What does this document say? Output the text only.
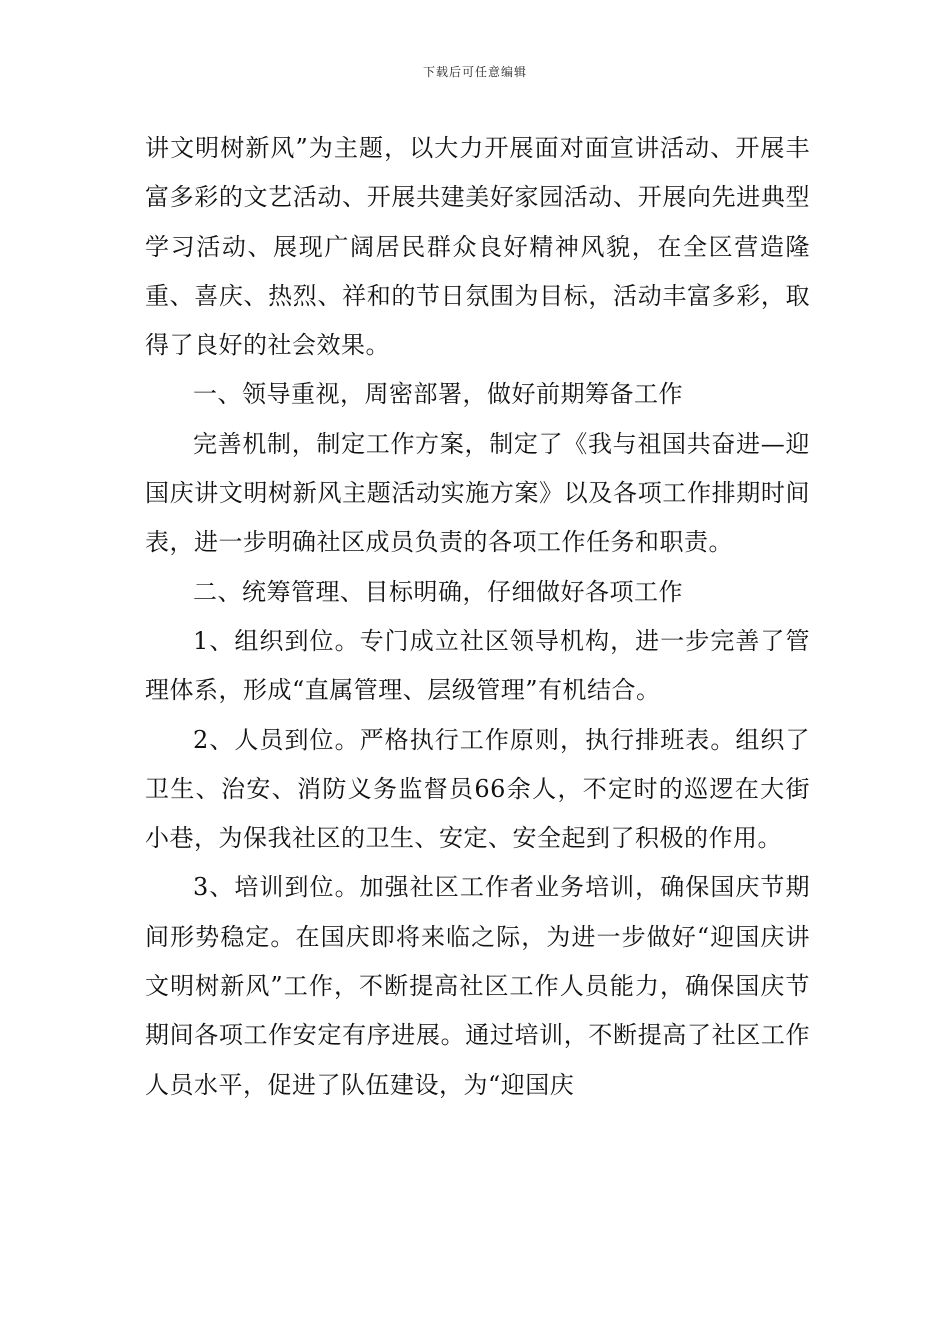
下载后可任意编辑

讲文明树新风”为主题，以大力开展面对面宣讲活动、开展丰富多彩的文艺活动、开展共建美好家园活动、开展向先进典型学习活动、展现广阔居民群众良好精神风貌，在全区营造隆重、喜庆、热烈、祥和的节日氛围为目标，活动丰富多彩，取得了良好的社会效果。

一、领导重视，周密部署，做好前期筹备工作

完善机制，制定工作方案，制定了《我与祖国共奋进—迎国庆讲文明树新风主题活动实施方案》以及各项工作排期时间表，进一步明确社区成员负责的各项工作任务和职责。

二、统筹管理、目标明确，仔细做好各项工作

1、组织到位。专门成立社区领导机构，进一步完善了管理体系，形成“直属管理、层级管理”有机结合。

2、人员到位。严格执行工作原则，执行排班表。组织了卫生、治安、消防义务监督员66余人，不定时的巡逻在大街小巷，为保我社区的卫生、安定、安全起到了积极的作用。

3、培训到位。加强社区工作者业务培训，确保国庆节期间形势稳定。在国庆即将来临之际，为进一步做好“迎国庆讲文明树新风”工作，不断提高社区工作人员能力，确保国庆节期间各项工作安定有序进展。通过培训，不断提高了社区工作人员水平，促进了队伍建设，为“迎国庆
